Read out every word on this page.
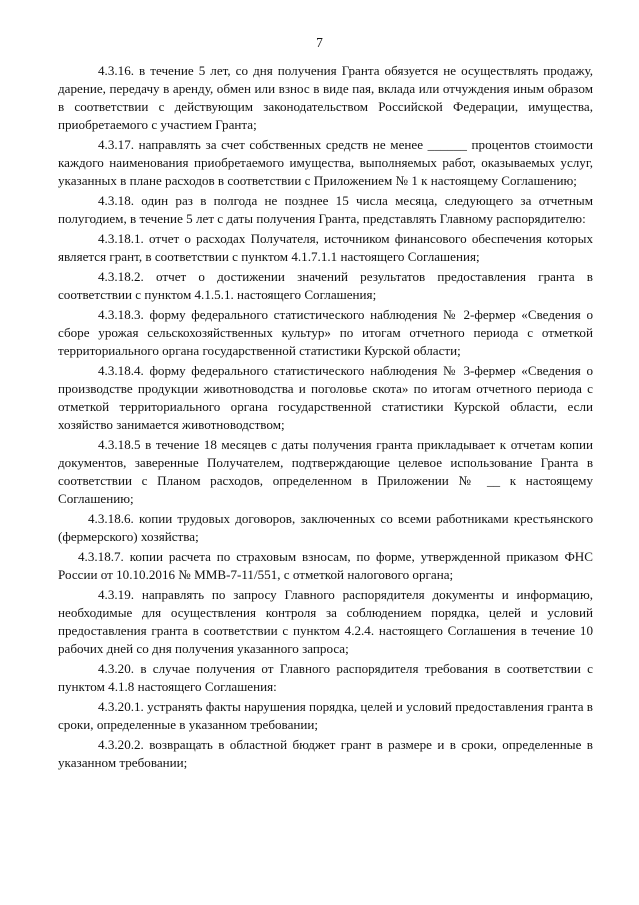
7

4.3.16. в течение 5 лет, со дня получения Гранта обязуется не осуществлять продажу, дарение, передачу в аренду, обмен или взнос в виде пая, вклада или отчуждения иным образом в соответствии с действующим законодательством Российской Федерации, имущества, приобретаемого с участием Гранта;

4.3.17. направлять за счет собственных средств не менее ______ процентов стоимости каждого наименования приобретаемого имущества, выполняемых работ, оказываемых услуг, указанных в плане расходов в соответствии с Приложением № 1 к настоящему Соглашению;

4.3.18. один раз в полгода не позднее 15 числа месяца, следующего за отчетным полугодием, в течение 5 лет с даты получения Гранта, представлять Главному распорядителю:

4.3.18.1. отчет о расходах Получателя, источником финансового обеспечения которых является грант, в соответствии с пунктом 4.1.7.1.1 настоящего Соглашения;

4.3.18.2. отчет о достижении значений результатов предоставления гранта в соответствии с пунктом 4.1.5.1. настоящего Соглашения;

4.3.18.3. форму федерального статистического наблюдения № 2-фермер «Сведения о сборе урожая сельскохозяйственных культур» по итогам отчетного периода с отметкой территориального органа государственной статистики Курской области;

4.3.18.4. форму федерального статистического наблюдения № 3-фермер «Сведения о производстве продукции животноводства и поголовье скота» по итогам отчетного периода с отметкой территориального органа государственной статистики Курской области, если хозяйство занимается животноводством;

4.3.18.5 в течение 18 месяцев с даты получения гранта прикладывает к отчетам копии документов, заверенные Получателем, подтверждающие целевое использование Гранта в соответствии с Планом расходов, определенном в Приложении № __ к настоящему Соглашению;

4.3.18.6. копии трудовых договоров, заключенных со всеми работниками крестьянского (фермерского) хозяйства;

4.3.18.7. копии расчета по страховым взносам, по форме, утвержденной приказом ФНС России от 10.10.2016 № ММВ-7-11/551, с отметкой налогового органа;

4.3.19. направлять по запросу Главного распорядителя документы и информацию, необходимые для осуществления контроля за соблюдением порядка, целей и условий предоставления гранта в соответствии с пунктом 4.2.4. настоящего Соглашения в течение 10 рабочих дней со дня получения указанного запроса;

4.3.20. в случае получения от Главного распорядителя требования в соответствии с пунктом 4.1.8 настоящего Соглашения:

4.3.20.1. устранять факты нарушения порядка, целей и условий предоставления гранта в сроки, определенные в указанном требовании;

4.3.20.2. возвращать в областной бюджет грант в размере и в сроки, определенные в указанном требовании;
